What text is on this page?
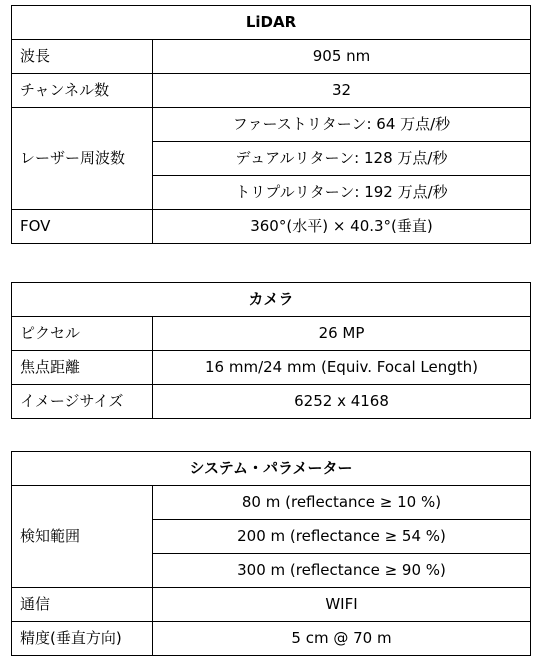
LiDAR	
波長	905 nm
チャンネル数	32
レーザー周波数	ファーストリターン: 64 万点/秒
	デュアルリターン: 128 万点/秒
	トリプルリターン: 192 万点/秒
FOV	360°(水平) × 40.3°(垂直)
カメラ	
ピクセル	26 MP
焦点距離	16 mm/24 mm (Equiv. Focal Length)
イメージサイズ	6252 x 4168
システム・パラメーター	
検知範囲	80 m (reflectance ≥ 10 %)
	200 m (reflectance ≥ 54 %)
	300 m (reflectance ≥ 90 %)
通信	WIFI
精度(垂直方向)	5 cm @ 70 m
